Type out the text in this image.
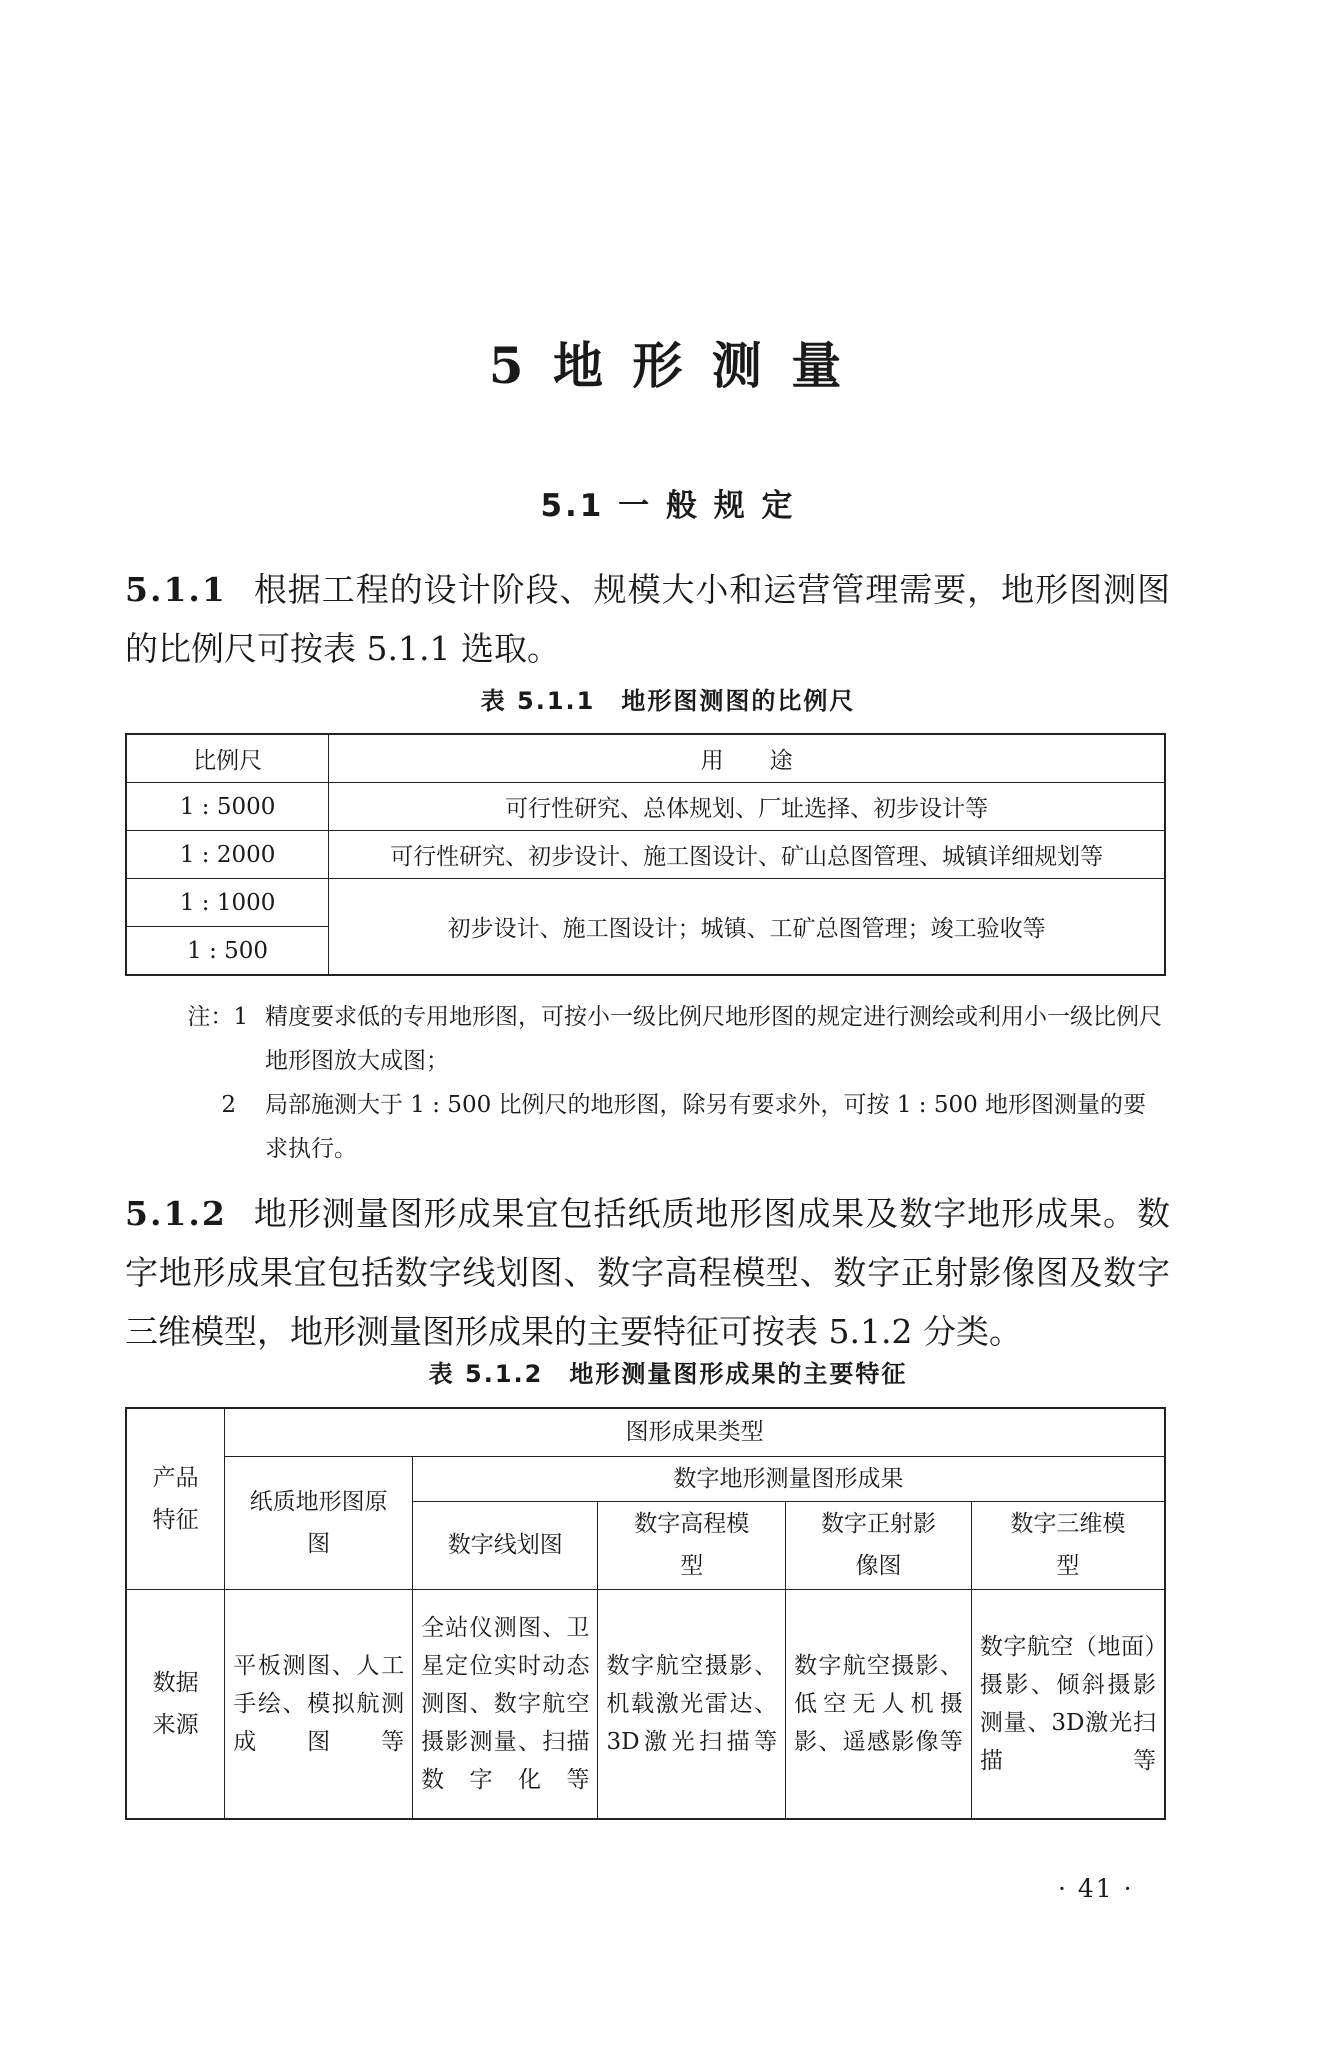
5 地 形 测 量
5.1 一 般 规 定

5.1.1 根据工程的设计阶段、规模大小和运营管理需要，地形图测图的比例尺可按表 5.1.1 选取。

表 5.1.1 地形图测图的比例尺
比例尺	用　　途
1 : 5000	可行性研究、总体规划、厂址选择、初步设计等
1 : 2000	可行性研究、初步设计、施工图设计、矿山总图管理、城镇详细规划等
1 : 1000	初步设计、施工图设计；城镇、工矿总图管理；竣工验收等
1 : 500	
注：1 精度要求低的专用地形图，可按小一级比例尺地形图的规定进行测绘或利用小一级比例尺地形图放大成图；
2 局部施测大于 1 : 500 比例尺的地形图，除另有要求外，可按 1 : 500 地形图测量的要求执行。

5.1.2 地形测量图形成果宜包括纸质地形图成果及数字地形成果。数字地形成果宜包括数字线划图、数字高程模型、数字正射影像图及数字三维模型，地形测量图形成果的主要特征可按表 5.1.2 分类。

表 5.1.2 地形测量图形成果的主要特征
产品特征	图形成果类型				

	纸质地形图原图	数字地形测量图形成果			
		数字线划图	数字高程模型	数字正射影像图	数字三维模型

数据来源	平板测图、人工手绘、模拟航测成图等	全站仪测图、卫星定位实时动态测图、数字航空摄影测量、扫描数字化等	数字航空摄影、机载激光雷达、3D激光扫描等	数字航空摄影、低空无人机摄影、遥感影像等	数字航空（地面）摄影、倾斜摄影测量、3D激光扫描等
· 41 ·
